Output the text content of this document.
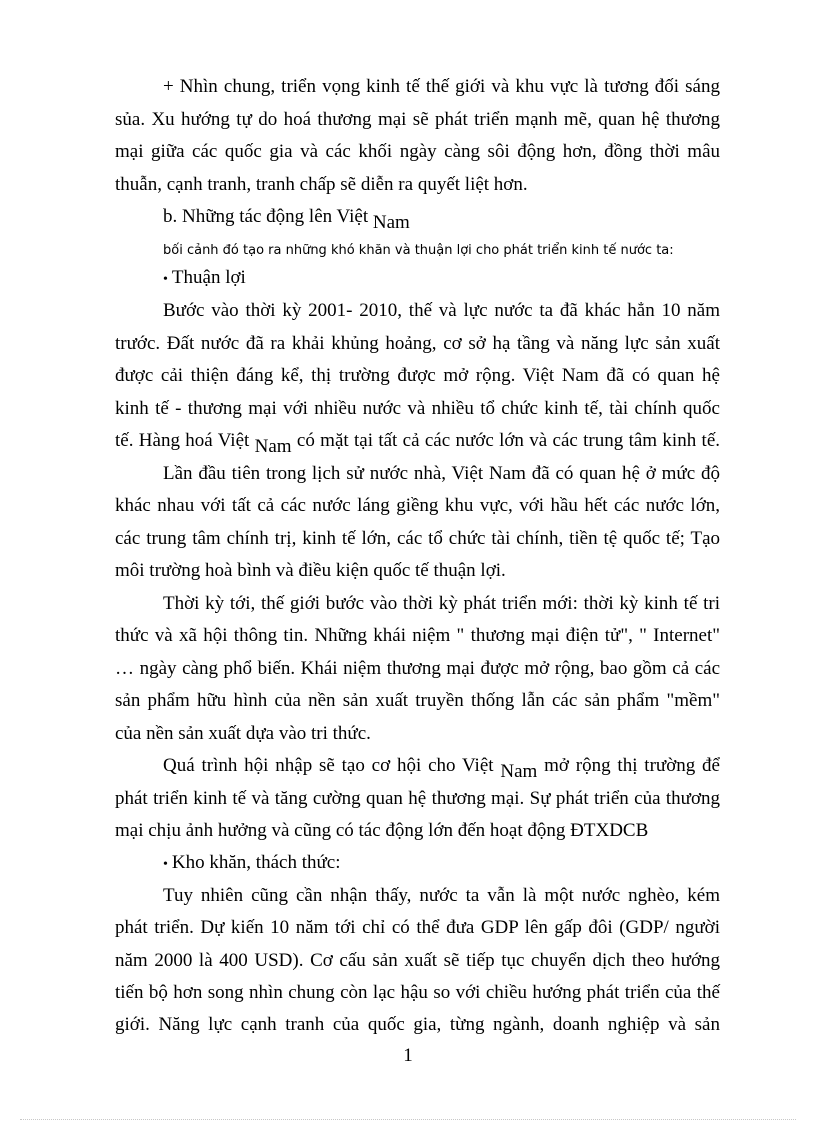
+ Nhìn chung, triển vọng kinh tế thế giới và khu vực là tương đối sáng
sủa. Xu hướng tự do hoá thương mại sẽ phát triển mạnh mẽ, quan hệ thương
mại giữa các quốc gia và các khối ngày càng sôi động hơn, đồng thời mâu
thuẫn, cạnh tranh, tranh chấp sẽ diễn ra quyết liệt hơn.
b. Những tác động lên Việt Nam
bối cảnh đó tạo ra những khó khăn và thuận lợi cho phát triển kinh tế nước ta:
• Thuận lợi
Bước vào thời kỳ 2001- 2010, thế và lực nước ta đã khác hẳn 10 năm
trước. Đất nước đã ra khải khủng hoảng, cơ sở hạ tầng và năng lực sản xuất
được cải thiện đáng kể, thị trường được mở rộng. Việt Nam đã có quan hệ
kinh tế - thương mại với nhiều nước và nhiều tổ chức kinh tế, tài chính quốc
tế. Hàng hoá Việt Nam có mặt tại tất cả các nước lớn và các trung tâm kinh tế.
Lần đầu tiên trong lịch sử nước nhà, Việt Nam đã có quan hệ ở mức độ
khác nhau với tất cả các nước láng giềng khu vực, với hầu hết các nước lớn,
các trung tâm chính trị, kinh tế lớn, các tổ chức tài chính, tiền tệ quốc tế; Tạo
môi trường hoà bình và điều kiện quốc tế thuận lợi.
Thời kỳ tới, thế giới bước vào thời kỳ phát triển mới: thời kỳ kinh tế tri
thức và xã hội thông tin. Những khái niệm " thương mại điện tử", " Internet"
… ngày càng phổ biến. Khái niệm thương mại được mở rộng, bao gồm cả các
sản phẩm hữu hình của nền sản xuất truyền thống lẫn các sản phẩm "mềm"
của nền sản xuất dựa vào tri thức.
Quá trình hội nhập sẽ tạo cơ hội cho Việt Nam mở rộng thị trường để
phát triển kinh tế và tăng cường quan hệ thương mại. Sự phát triển của thương
mại chịu ảnh hưởng và cũng có tác động lớn đến hoạt động ĐTXDCB
• Kho khăn, thách thức:
Tuy nhiên cũng cần nhận thấy, nước ta vẫn là một nước nghèo, kém
phát triển. Dự kiến 10 năm tới chỉ có thể đưa GDP lên gấp đôi (GDP/ người
năm 2000 là 400 USD). Cơ cấu sản xuất sẽ tiếp tục chuyển dịch theo hướng
tiến bộ hơn song nhìn chung còn lạc hậu so với chiều hướng phát triển của thế
giới. Năng lực cạnh tranh của quốc gia, từng ngành, doanh nghiệp và sản
1
